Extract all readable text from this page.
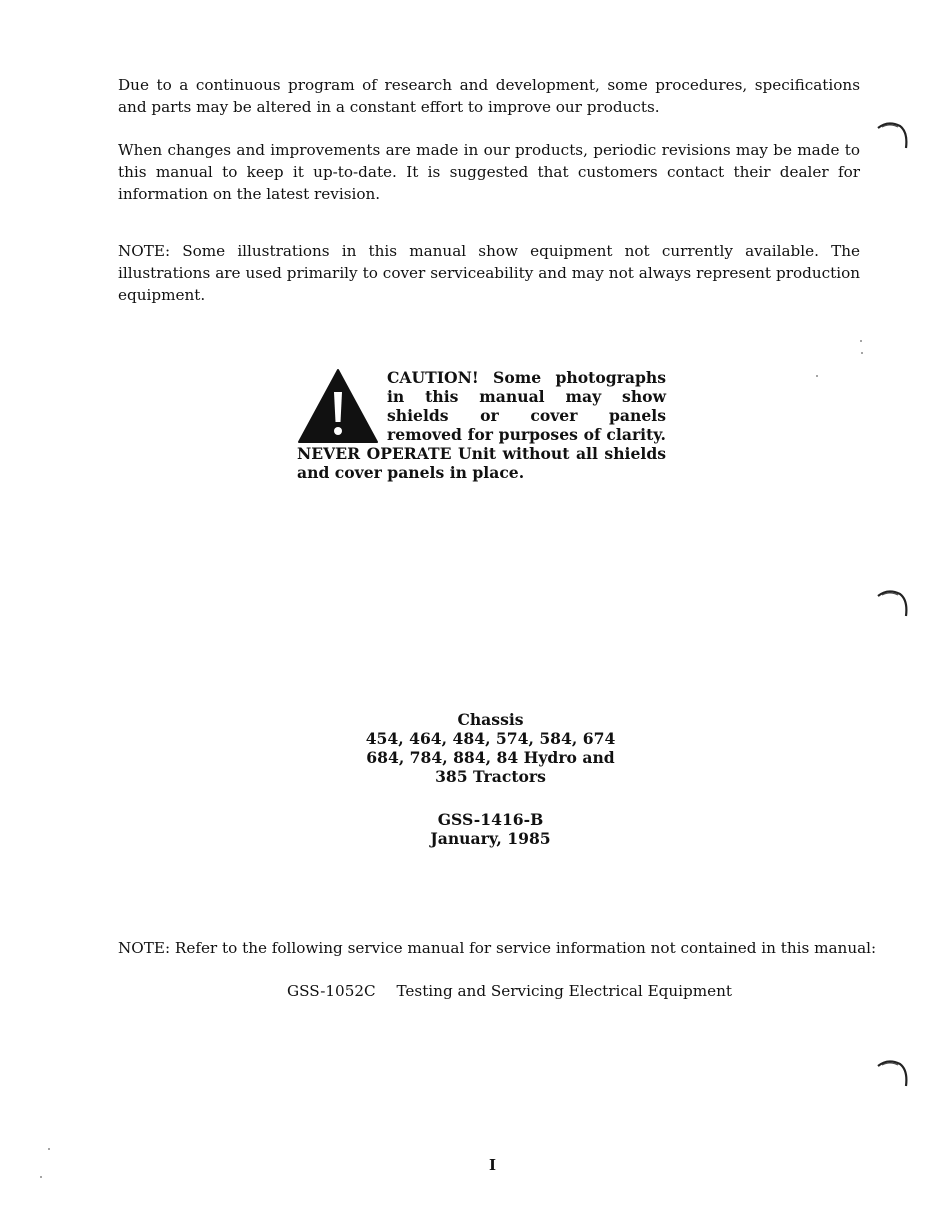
Due to a continuous program of research and development, some procedures, specifications and parts may be altered in a constant effort to improve our products.

When changes and improvements are made in our products, periodic revisions may be made to this manual to keep it up-to-date. It is suggested that customers contact their dealer for information on the latest revision.

NOTE: Some illustrations in this manual show equipment not currently available. The illustrations are used primarily to cover serviceability and may not always represent production equipment.

CAUTION! Some photographs in this manual may show shields or cover panels removed for purposes of clarity. NEVER OPERATE Unit without all shields and cover panels in place.

Chassis
454, 464, 484, 574, 584, 674
684, 784, 884, 84 Hydro and
385 Tractors
GSS-1416-B
January, 1985

NOTE: Refer to the following service manual for service information not contained in this manual:

GSS-1052C Testing and Servicing Electrical Equipment
I
